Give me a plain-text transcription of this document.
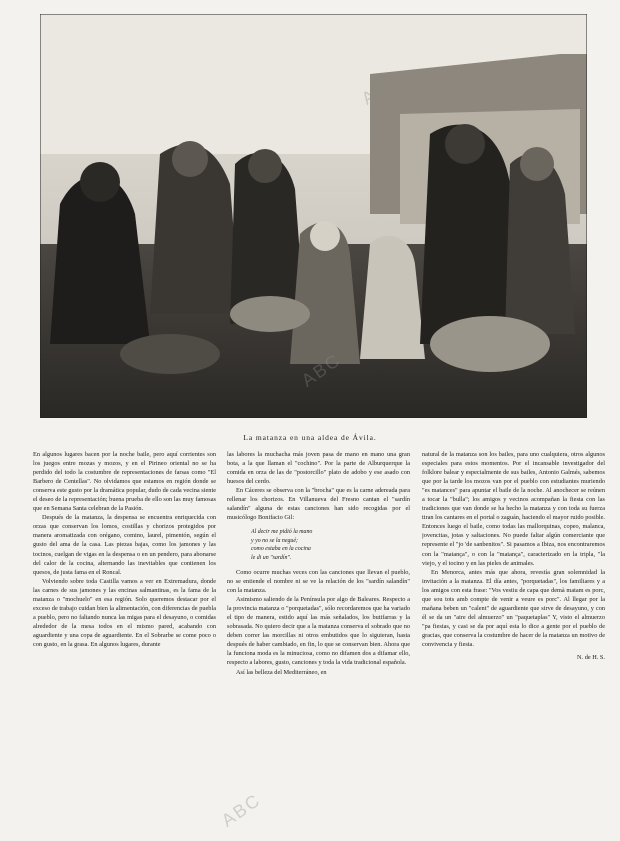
La matanza en una aldea de Ávila.
ABC
ABC
ABC

En algunos lugares bacen por la noche baile, pero aquí corrientes son los juegos entre mozas y mozos, y en el Pirineo oriental no se ha perdido del todo la costumbre de representaciones de farsas como "El Barbero de Centellas". No olvidamos que estamos en región donde se conserva este gusto por la dramática popular, dudo de cada vecina siente el deseo de la representación; buena prueba de ello son las muy famosas que en Semana Santa celebran de la Pasión.

Después de la matanza, la despensa se encuentra enriquecida con orzas que conservan los lomos, costillas y chorizos protegidos por manera aromatizada con orégano, comino, laurel, pimentón, según el gusto del ama de la casa. Las piezas bajas, como los jamones y las tocinos, cuelgan de vigas en la despensa o en un pendero, para abonarse del calor de la cocina, alternando las inevitables que contienen los quesos, de justa fama en el Roncal.

Volviendo sobre toda Castilla vamos a ver en Extremadura, donde las carnes de sus jamones y las encinas salmantinas, es la fama de la matanza o "mochuelo" en esa región. Solo queremos destacar por el exceso de trabajo cuidan bien la alimentación, con diferencias de puebla a pueblo, pero no faltando nunca las migas para el desayuno, o comidas alrededor de la mesa todos en el mismo pared, acabando con aguardiente y una copa de aguardiente. En el Sobrarbe se come poco o con gusto, en la grasa. En algunos lugares, durante

las labores la muchacha más joven pasa de mano en mano una gran bota, a la que llaman el "cochino". Por la parte de Alburquerque la comida en orza de las de "postorcillo" plato de adobo y ese asado con huesos del cerdo.

En Cáceres se observa con la "brocha" que es la carne adereada para rellenar los chorizos. En Villanueva del Fresno cantan el "sardín salandín" alguna de estas canciones han sido recogidas por el musicólogo Bonifacio Gil:

Al decir me pidió la mano
y yo no se la negué;
como estaba en la cocina
le di un "sardín".

Como ocurre muchas veces con las canciones que llevan el pueblo, no se entiende el nombre ni se ve la relación de los "sardín salandín" con la matanza.

Asimismo saliendo de la Península por algo de Baleares. Respecto a la provincia matanza o "porquetadas", sólo recordaremos que ha variado el tipo de manera, estido aquí las más señalados, los butifarras y la sobrasada. No quiero decir que a la matanza conserva el sobrado que no deben correr las morcillas ni otros embutidos que lo siguieran, hasta después de haber cambiado, en fin, lo que se conservan bien. Ahora que la funciona moda es la minuciosa, como no difamen dos a difamar ello, respecto a labores, gusto, canciones y toda la vida tradicional española.

Así las belleza del Mediterráneo, en

natural de la matanza son los bailes, para uno cualquiera, otros algunos especiales para estos momentos. Por el incansable investigador del folklore balear y especialmente de sus bailes, Antonio Galmés, sabemos que por la tarde los mozos van por el pueblo con estudiantes muriendo "es matances" para apuntar el baile de la noche. Al anochecer se reúnen a tocar la "bulla"; los amigos y vecinos acompañan la fiesta con las tradiciones que van donde se ha hecho la matanza y con toda su fuerza tiran los cantares en el portal o zaguán, haciendo el mayor ruido posible. Entonces luego el baile, como todas las mallorquinas, copeo, malanca, jovencitas, jotas y saltaciones. No puede faltar algún comerciante que represente el "jo 'de sanbenitos". Si pasamos a Ibiza, nos encontraremos con la "matança", o con la "matança", caracterizado en la tripla, "la viejo, y el tocino y en las pieles de animales.

En Menorca, antes más que ahora, revestía gran solemnidad la invitación a la matanza. El día antes, "porquetadas", los familiares y a los amigos con esta frase: "Vos vestiu de capa que demà matam es porc, que sou tots amb compte de venir a veure es porc". Al llegar por la mañana beben un "calent" de aguardiente que sirve de desayuno, y con él se da un "aire del almuerzo" un "paquetaplas" Y, visto el almuerzo "pa fiestas, y casi se da por aquí esta lo dice a gente por el pueblo de gracias, que conserva la costumbre de hacer de la matanza un motivo de convivencia y fiesta.

N. de H. S.
